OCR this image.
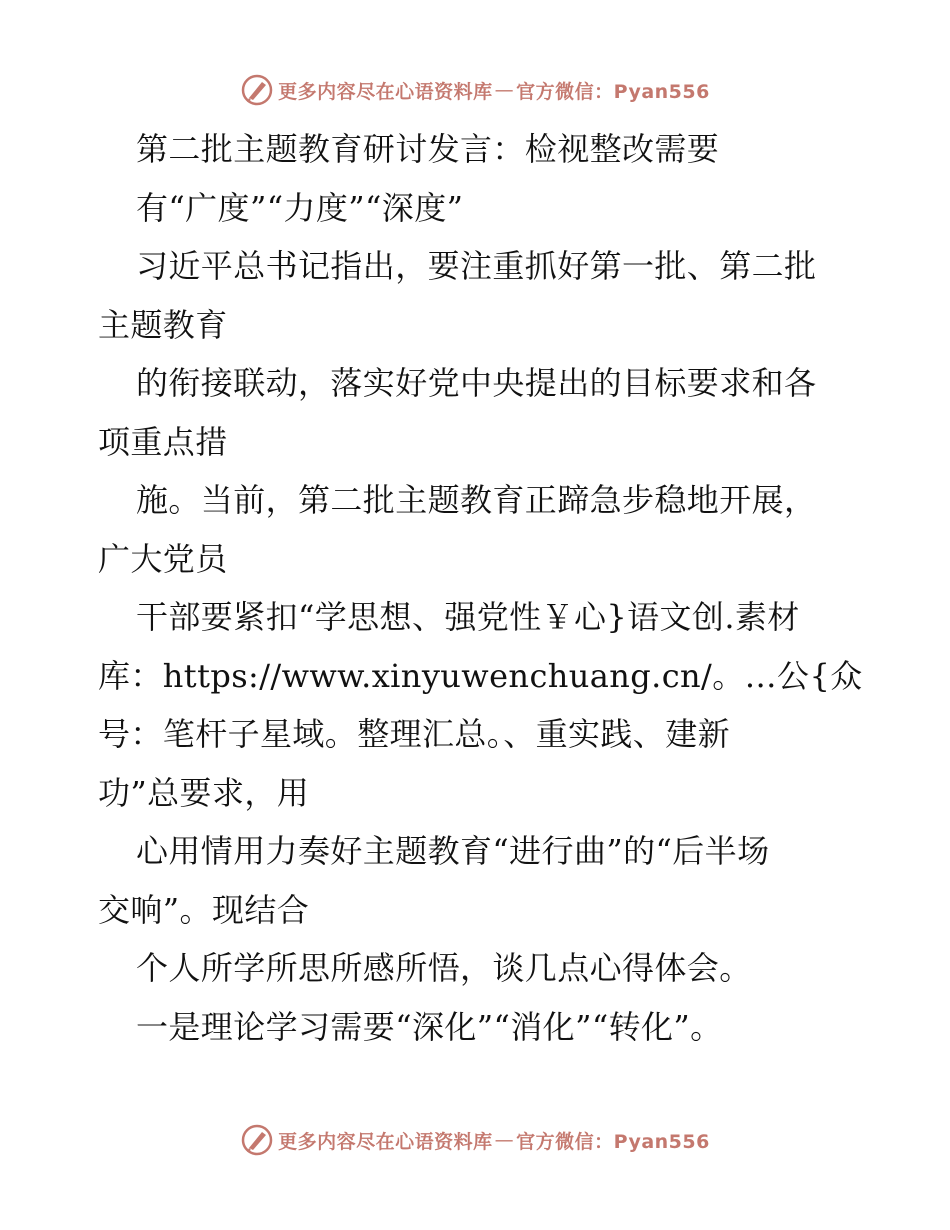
更多内容尽在心语资料库 — 官方微信：Pyan556
第二批主题教育研讨发言：检视整改需要
有“广度”“力度”“深度”
习近平总书记指出，要注重抓好第一批、第二批
主题教育
的衔接联动，落实好党中央提出的目标要求和各
项重点措
施。当前，第二批主题教育正蹄急步稳地开展，
广大党员
干部要紧扣“学思想、强党性￥心}语文创.素材
库：https://www.xinyuwenchuang.cn/。…公{众
号：笔杆子星域。整理汇总。、重实践、建新
功”总要求，用
心用情用力奏好主题教育“进行曲”的“后半场
交响”。现结合
个人所学所思所感所悟，谈几点心得体会。
一是理论学习需要“深化”“消化”“转化”。
更多内容尽在心语资料库 — 官方微信：Pyan556
